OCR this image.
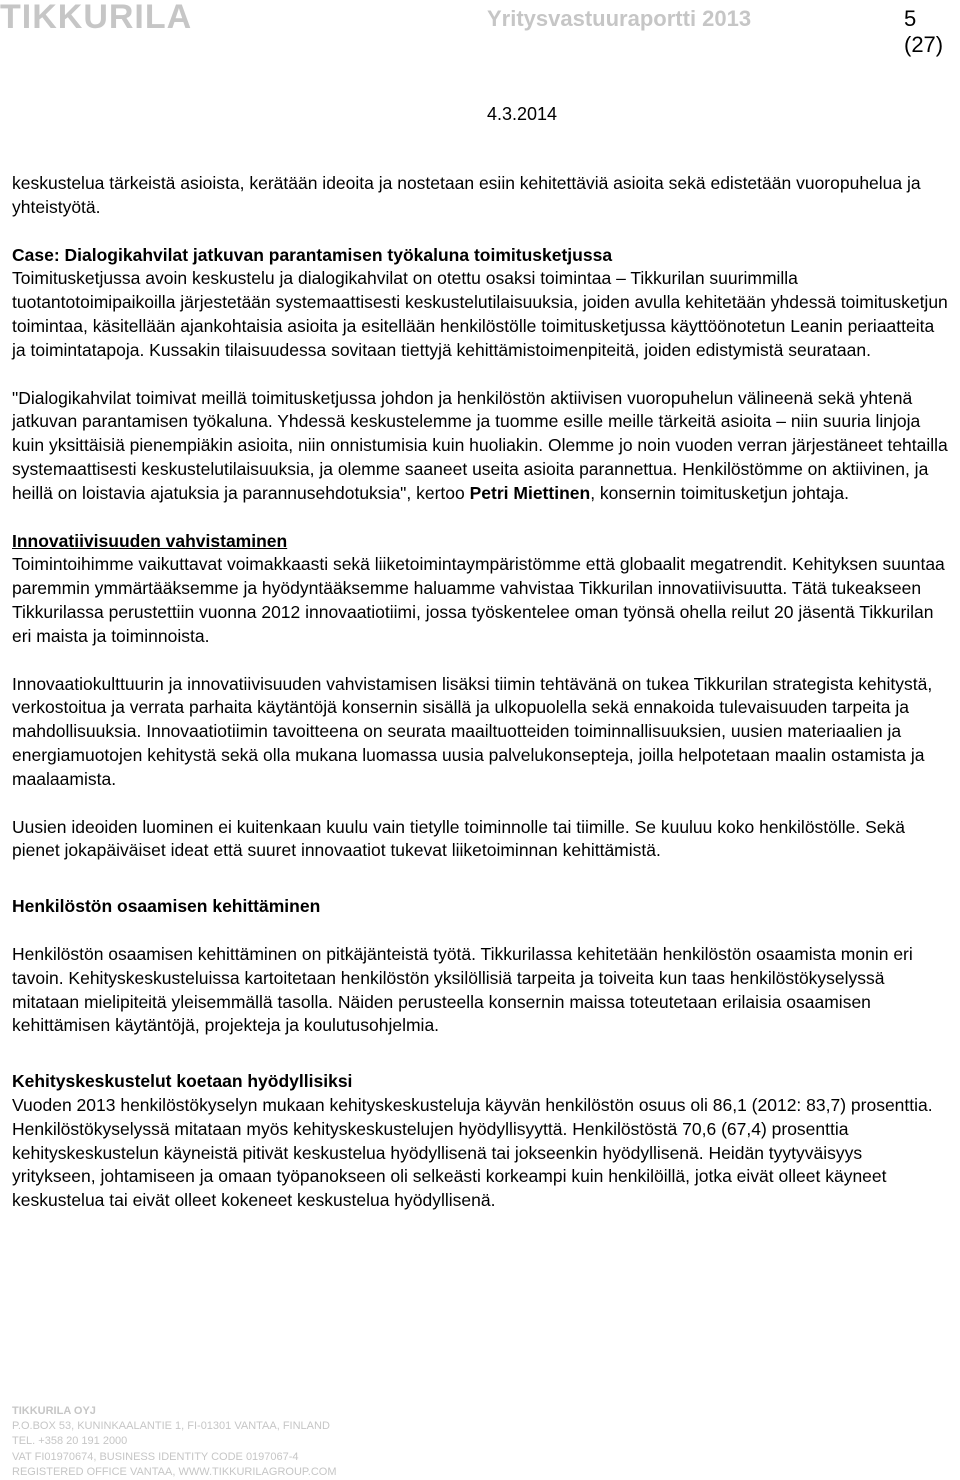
TIKKURILA	Yritysvastuuraportti 2013	5 (27)
4.3.2014

keskustelua tärkeistä asioista, kerätään ideoita ja nostetaan esiin kehitettäviä asioita sekä edistetään vuoropuhelua ja yhteistyötä.

Case: Dialogikahvilat jatkuvan parantamisen työkaluna toimitusketjussa

Toimitusketjussa avoin keskustelu ja dialogikahvilat on otettu osaksi toimintaa – Tikkurilan suurimmilla tuotantotoimipaikoilla järjestetään systemaattisesti keskustelutilaisuuksia, joiden avulla kehitetään yhdessä toimitusketjun toimintaa, käsitellään ajankohtaisia asioita ja esitellään henkilöstölle toimitusketjussa käyttöönotetun Leanin periaatteita ja toimintatapoja. Kussakin tilaisuudessa sovitaan tiettyjä kehittämistoimenpiteitä, joiden edistymistä seurataan.

"Dialogikahvilat toimivat meillä toimitusketjussa johdon ja henkilöstön aktiivisen vuoropuhelun välineenä sekä yhtenä jatkuvan parantamisen työkaluna. Yhdessä keskustelemme ja tuomme esille meille tärkeitä asioita – niin suuria linjoja kuin yksittäisiä pienempiäkin asioita, niin onnistumisia kuin huoliakin. Olemme jo noin vuoden verran järjestäneet tehtailla systemaattisesti keskustelutilaisuuksia, ja olemme saaneet useita asioita parannettua. Henkilöstömme on aktiivinen, ja heillä on loistavia ajatuksia ja parannusehdotuksia", kertoo Petri Miettinen, konsernin toimitusketjun johtaja.

Innovatiivisuuden vahvistaminen

Toimintoihimme vaikuttavat voimakkaasti sekä liiketoimintaympäristömme että globaalit megatrendit. Kehityksen suuntaa paremmin ymmärtääksemme ja hyödyntääksemme haluamme vahvistaa Tikkurilan innovatiivisuutta. Tätä tukeakseen Tikkurilassa perustettiin vuonna 2012 innovaatiotiimi, jossa työskentelee oman työnsä ohella reilut 20 jäsentä Tikkurilan eri maista ja toiminnoista.

Innovaatiokulttuurin ja innovatiivisuuden vahvistamisen lisäksi tiimin tehtävänä on tukea Tikkurilan strategista kehitystä, verkostoitua ja verrata parhaita käytäntöjä konsernin sisällä ja ulkopuolella sekä ennakoida tulevaisuuden tarpeita ja mahdollisuuksia. Innovaatiotiimin tavoitteena on seurata maailtuotteiden toiminnallisuuksien, uusien materiaalien ja energiamuotojen kehitystä sekä olla mukana luomassa uusia palvelukonsepteja, joilla helpotetaan maalin ostamista ja maalaamista.

Uusien ideoiden luominen ei kuitenkaan kuulu vain tietylle toiminnolle tai tiimille. Se kuuluu koko henkilöstölle. Sekä pienet jokapäiväiset ideat että suuret innovaatiot tukevat liiketoiminnan kehittämistä.

Henkilöstön osaamisen kehittäminen

Henkilöstön osaamisen kehittäminen on pitkäjänteistä työtä. Tikkurilassa kehitetään henkilöstön osaamista monin eri tavoin. Kehityskeskusteluissa kartoitetaan henkilöstön yksilöllisiä tarpeita ja toiveita kun taas henkilöstökyselyssä mitataan mielipiteitä yleisemmällä tasolla. Näiden perusteella konsernin maissa toteutetaan erilaisia osaamisen kehittämisen käytäntöjä, projekteja ja koulutusohjelmia.

Kehityskeskustelut koetaan hyödyllisiksi

Vuoden 2013 henkilöstökyselyn mukaan kehityskeskusteluja käyvän henkilöstön osuus oli 86,1 (2012: 83,7) prosenttia. Henkilöstökyselyssä mitataan myös kehityskeskustelujen hyödyllisyyttä. Henkilöstöstä 70,6 (67,4) prosenttia kehityskeskustelun käyneistä pitivät keskustelua hyödyllisenä tai jokseenkin hyödyllisenä. Heidän tyytyväisyys yritykseen, johtamiseen ja omaan työpanokseen oli selkeästi korkeampi kuin henkilöillä, jotka eivät olleet käyneet keskustelua tai eivät olleet kokeneet keskustelua hyödyllisenä.

TIKKURILA OYJ
P.O.BOX 53, KUNINKAALANTIE 1, FI-01301 VANTAA, FINLAND
TEL. +358 20 191 2000
VAT FI01970674, BUSINESS IDENTITY CODE 0197067-4
REGISTERED OFFICE VANTAA, WWW.TIKKURILAGROUP.COM
